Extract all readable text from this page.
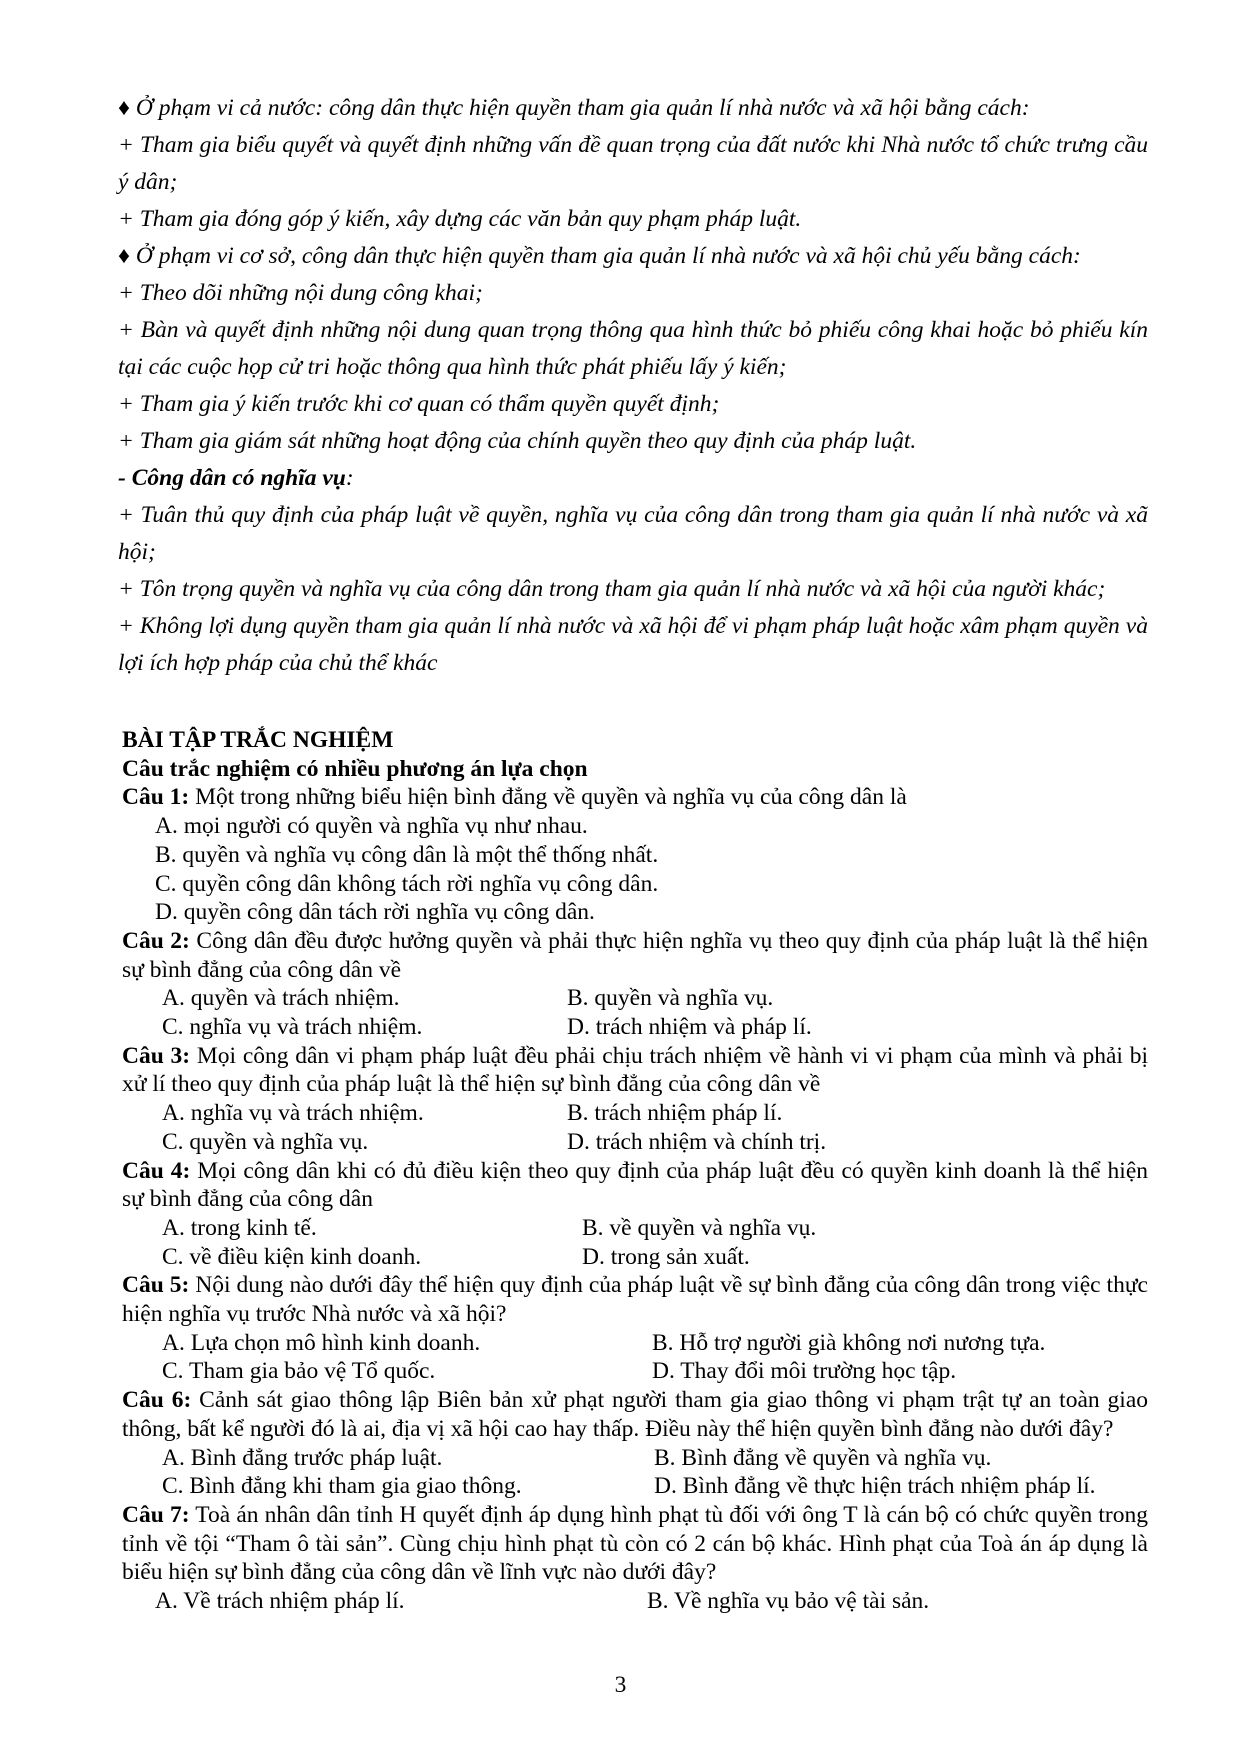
♦ Ở phạm vi cả nước: công dân thực hiện quyền tham gia quản lí nhà nước và xã hội bằng cách:

+ Tham gia biểu quyết và quyết định những vấn đề quan trọng của đất nước khi Nhà nước tổ chức trưng cầu ý dân;

+ Tham gia đóng góp ý kiến, xây dựng các văn bản quy phạm pháp luật.

♦ Ở phạm vi cơ sở, công dân thực hiện quyền tham gia quản lí nhà nước và xã hội chủ yếu bằng cách:

+ Theo dõi những nội dung công khai;

+ Bàn và quyết định những nội dung quan trọng thông qua hình thức bỏ phiếu công khai hoặc bỏ phiếu kín tại các cuộc họp cử tri hoặc thông qua hình thức phát phiếu lấy ý kiến;

+ Tham gia ý kiến trước khi cơ quan có thẩm quyền quyết định;

+ Tham gia giám sát những hoạt động của chính quyền theo quy định của pháp luật.

- Công dân có nghĩa vụ:

+ Tuân thủ quy định của pháp luật về quyền, nghĩa vụ của công dân trong tham gia quản lí nhà nước và xã hội;

+ Tôn trọng quyền và nghĩa vụ của công dân trong tham gia quản lí nhà nước và xã hội của người khác;

+ Không lợi dụng quyền tham gia quản lí nhà nước và xã hội để vi phạm pháp luật hoặc xâm phạm quyền và lợi ích hợp pháp của chủ thể khác

BÀI TẬP TRẮC NGHIỆM

Câu trắc nghiệm có nhiều phương án lựa chọn

Câu 1: Một trong những biểu hiện bình đẳng về quyền và nghĩa vụ của công dân là

A. mọi người có quyền và nghĩa vụ như nhau.
B. quyền và nghĩa vụ công dân là một thể thống nhất.
C. quyền công dân không tách rời nghĩa vụ công dân.
D. quyền công dân tách rời nghĩa vụ công dân.

Câu 2: Công dân đều được hưởng quyền và phải thực hiện nghĩa vụ theo quy định của pháp luật là thể hiện sự bình đẳng của công dân về

A. quyền và trách nhiệm.	B. quyền và nghĩa vụ.
C. nghĩa vụ và trách nhiệm.	D. trách nhiệm và pháp lí.

Câu 3: Mọi công dân vi phạm pháp luật đều phải chịu trách nhiệm về hành vi vi phạm của mình và phải bị xử lí theo quy định của pháp luật là thể hiện sự bình đẳng của công dân về

A. nghĩa vụ và trách nhiệm.	B. trách nhiệm pháp lí.
C. quyền và nghĩa vụ.	D. trách nhiệm và chính trị.

Câu 4: Mọi công dân khi có đủ điều kiện theo quy định của pháp luật đều có quyền kinh doanh là thể hiện sự bình đẳng của công dân

A. trong kinh tế.	B. về quyền và nghĩa vụ.
C. về điều kiện kinh doanh.	D. trong sản xuất.

Câu 5: Nội dung nào dưới đây thể hiện quy định của pháp luật về sự bình đẳng của công dân trong việc thực hiện nghĩa vụ trước Nhà nước và xã hội?

A. Lựa chọn mô hình kinh doanh.	B. Hỗ trợ người già không nơi nương tựa.
C. Tham gia bảo vệ Tổ quốc.	D. Thay đổi môi trường học tập.

Câu 6: Cảnh sát giao thông lập Biên bản xử phạt người tham gia giao thông vi phạm trật tự an toàn giao thông, bất kể người đó là ai, địa vị xã hội cao hay thấp. Điều này thể hiện quyền bình đẳng nào dưới đây?

A. Bình đẳng trước pháp luật.	B. Bình đẳng về quyền và nghĩa vụ.
C. Bình đẳng khi tham gia giao thông.	D. Bình đẳng về thực hiện trách nhiệm pháp lí.

Câu 7: Toà án nhân dân tỉnh H quyết định áp dụng hình phạt tù đối với ông T là cán bộ có chức quyền trong tỉnh về tội “Tham ô tài sản”. Cùng chịu hình phạt tù còn có 2 cán bộ khác. Hình phạt của Toà án áp dụng là biểu hiện sự bình đẳng của công dân về lĩnh vực nào dưới đây?

A. Về trách nhiệm pháp lí.	B. Về nghĩa vụ bảo vệ tài sản.
3
